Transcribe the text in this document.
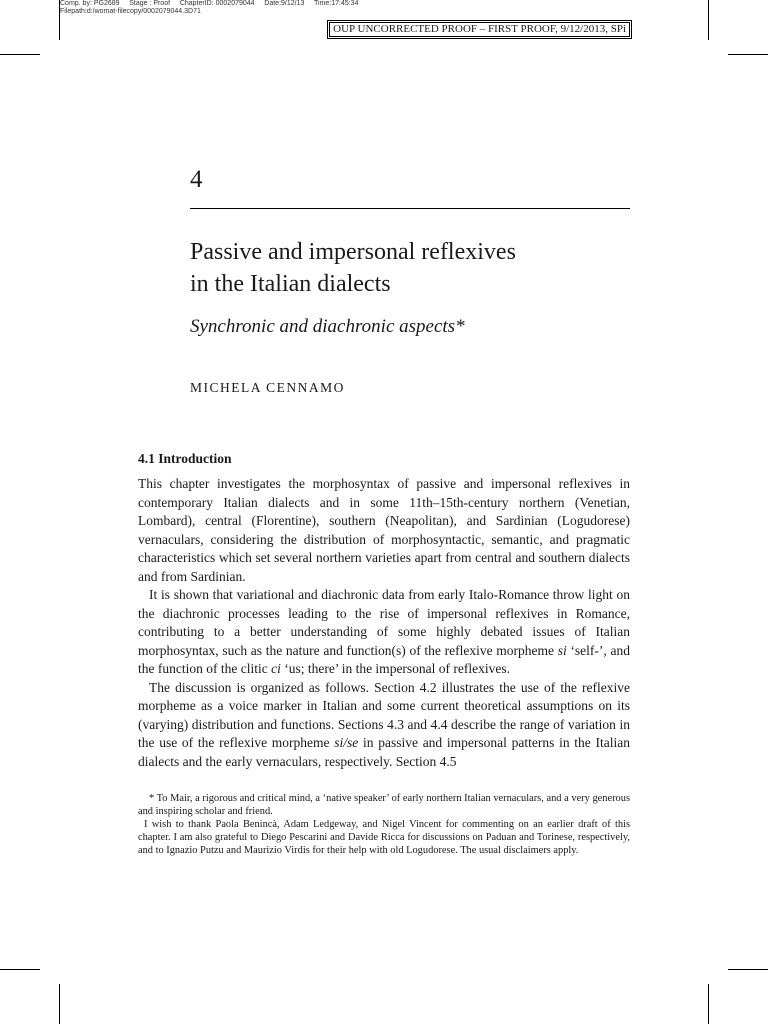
Comp. by: PG2689     Stage : Proof     ChapterID: 0002079044     Date:9/12/13     Time:17:45:34
Filepath:d:/womat-filecopy/0002079044.3D71
OUP UNCORRECTED PROOF – FIRST PROOF, 9/12/2013, SPi
4
Passive and impersonal reflexives
in the Italian dialects
Synchronic and diachronic aspects*
MICHELA CENNAMO
4.1 Introduction

This chapter investigates the morphosyntax of passive and impersonal reflexives in contemporary Italian dialects and in some 11th–15th-century northern (Venetian, Lombard), central (Florentine), southern (Neapolitan), and Sardinian (Logudorese) vernaculars, considering the distribution of morphosyntactic, semantic, and pragmatic characteristics which set several northern varieties apart from central and southern dialects and from Sardinian.

It is shown that variational and diachronic data from early Italo-Romance throw light on the diachronic processes leading to the rise of impersonal reflexives in Romance, contributing to a better understanding of some highly debated issues of Italian morphosyntax, such as the nature and function(s) of the reflexive morpheme si ‘self-’, and the function of the clitic ci ‘us; there’ in the impersonal of reflexives.

The discussion is organized as follows. Section 4.2 illustrates the use of the reflexive morpheme as a voice marker in Italian and some current theoretical assumptions on its (varying) distribution and functions. Sections 4.3 and 4.4 describe the range of variation in the use of the reflexive morpheme si/se in passive and impersonal patterns in the Italian dialects and the early vernaculars, respectively. Section 4.5

* To Mair, a rigorous and critical mind, a ‘native speaker’ of early northern Italian vernaculars, and a very generous and inspiring scholar and friend.

I wish to thank Paola Benincà, Adam Ledgeway, and Nigel Vincent for commenting on an earlier draft of this chapter. I am also grateful to Diego Pescarini and Davide Ricca for discussions on Paduan and Torinese, respectively, and to Ignazio Putzu and Maurizio Virdis for their help with old Logudorese. The usual disclaimers apply.
